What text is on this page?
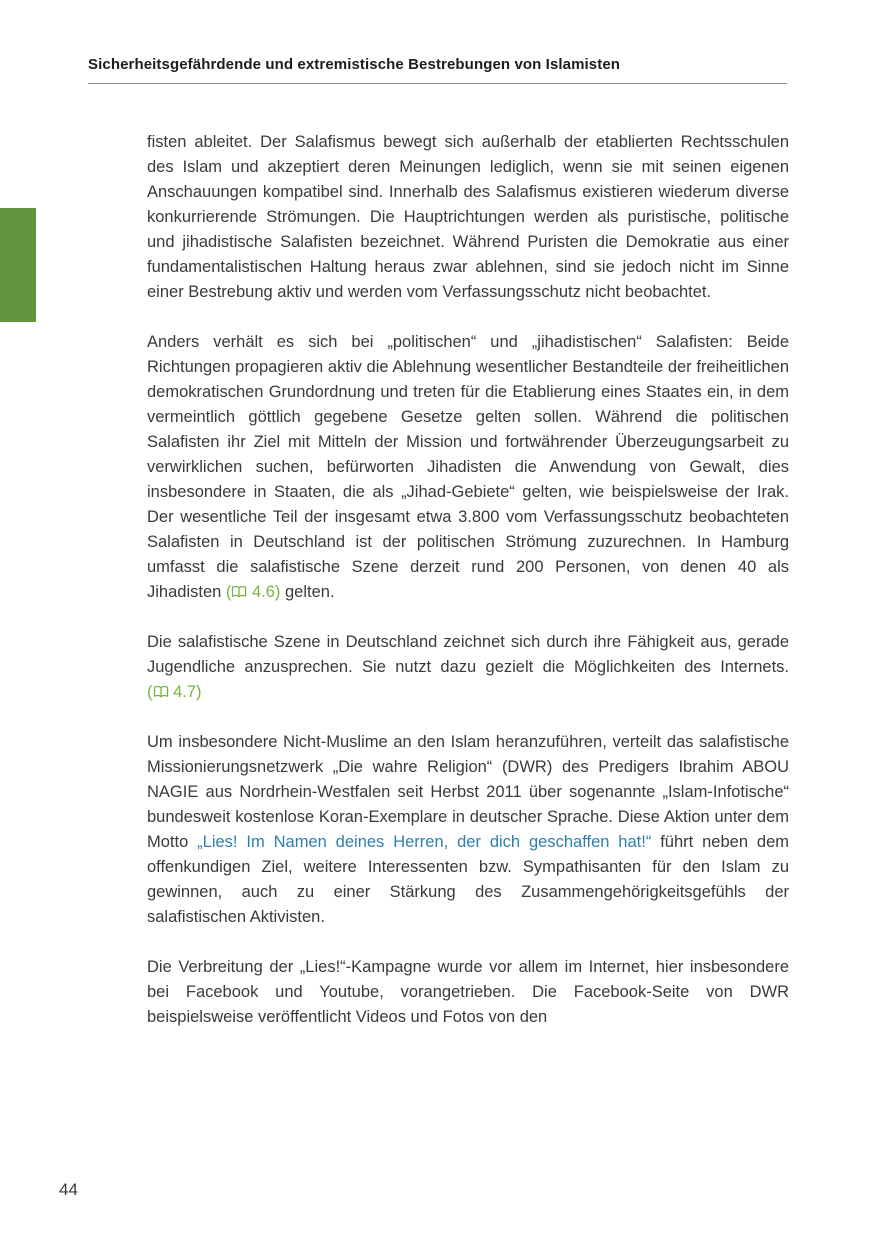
Sicherheitsgefährdende und extremistische Bestrebungen von Islamisten

fisten ableitet. Der Salafismus bewegt sich außerhalb der etablierten Rechtsschulen des Islam und akzeptiert deren Meinungen lediglich, wenn sie mit seinen eigenen Anschauungen kompatibel sind. Innerhalb des Salafismus existieren wiederum diverse konkurrierende Strömungen. Die Hauptrichtungen werden als puristische, politische und jihadistische Salafisten bezeichnet. Während Puristen die Demokratie aus einer fundamentalistischen Haltung heraus zwar ablehnen, sind sie jedoch nicht im Sinne einer Bestrebung aktiv und werden vom Verfassungsschutz nicht beobachtet.

Anders verhält es sich bei „politischen“ und „jihadistischen“ Salafisten: Beide Richtungen propagieren aktiv die Ablehnung wesentlicher Bestandteile der freiheitlichen demokratischen Grundordnung und treten für die Etablierung eines Staates ein, in dem vermeintlich göttlich gegebene Gesetze gelten sollen. Während die politischen Salafisten ihr Ziel mit Mitteln der Mission und fortwährender Überzeugungsarbeit zu verwirklichen suchen, befürworten Jihadisten die Anwendung von Gewalt, dies insbesondere in Staaten, die als „Jihad-Gebiete“ gelten, wie beispielsweise der Irak. Der wesentliche Teil der insgesamt etwa 3.800 vom Verfassungsschutz beobachteten Salafisten in Deutschland ist der politischen Strömung zuzurechnen. In Hamburg umfasst die salafistische Szene derzeit rund 200 Personen, von denen 40 als Jihadisten ( 4.6) gelten.

Die salafistische Szene in Deutschland zeichnet sich durch ihre Fähigkeit aus, gerade Jugendliche anzusprechen. Sie nutzt dazu gezielt die Möglichkeiten des Internets. ( 4.7)

Um insbesondere Nicht-Muslime an den Islam heranzuführen, verteilt das salafistische Missionierungsnetzwerk „Die wahre Religion“ (DWR) des Predigers Ibrahim ABOU NAGIE aus Nordrhein-Westfalen seit Herbst 2011 über sogenannte „Islam-Infotische“ bundesweit kostenlose Koran-Exemplare in deutscher Sprache. Diese Aktion unter dem Motto „Lies! Im Namen deines Herren, der dich geschaffen hat!“ führt neben dem offenkundigen Ziel, weitere Interessenten bzw. Sympathisanten für den Islam zu gewinnen, auch zu einer Stärkung des Zusammengehörigkeitsgefühls der salafistischen Aktivisten.

Die Verbreitung der „Lies!“-Kampagne wurde vor allem im Internet, hier insbesondere bei Facebook und Youtube, vorangetrieben. Die Facebook-Seite von DWR beispielsweise veröffentlicht Videos und Fotos von den

44
